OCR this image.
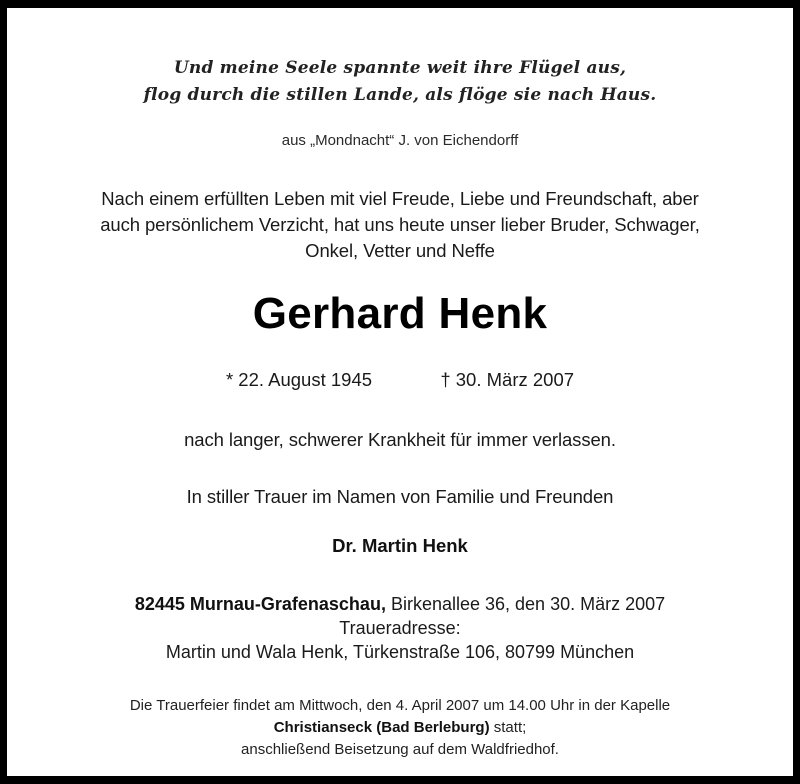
Und meine Seele spannte weit ihre Flügel aus,
flog durch die stillen Lande, als flöge sie nach Haus.
aus „Mondnacht“ J. von Eichendorff
Nach einem erfüllten Leben mit viel Freude, Liebe und Freundschaft, aber
auch persönlichem Verzicht, hat uns heute unser lieber Bruder, Schwager,
Onkel, Vetter und Neffe
Gerhard Henk
* 22. August 1945	† 30. März 2007
nach langer, schwerer Krankheit für immer verlassen.
In stiller Trauer im Namen von Familie und Freunden
Dr. Martin Henk
82445 Murnau-Grafenaschau, Birkenallee 36, den 30. März 2007
Traueradresse:
Martin und Wala Henk, Türkenstraße 106, 80799 München
Die Trauerfeier findet am Mittwoch, den 4. April 2007 um 14.00 Uhr in der Kapelle
Christianseck (Bad Berleburg) statt;
anschließend Beisetzung auf dem Waldfriedhof.
